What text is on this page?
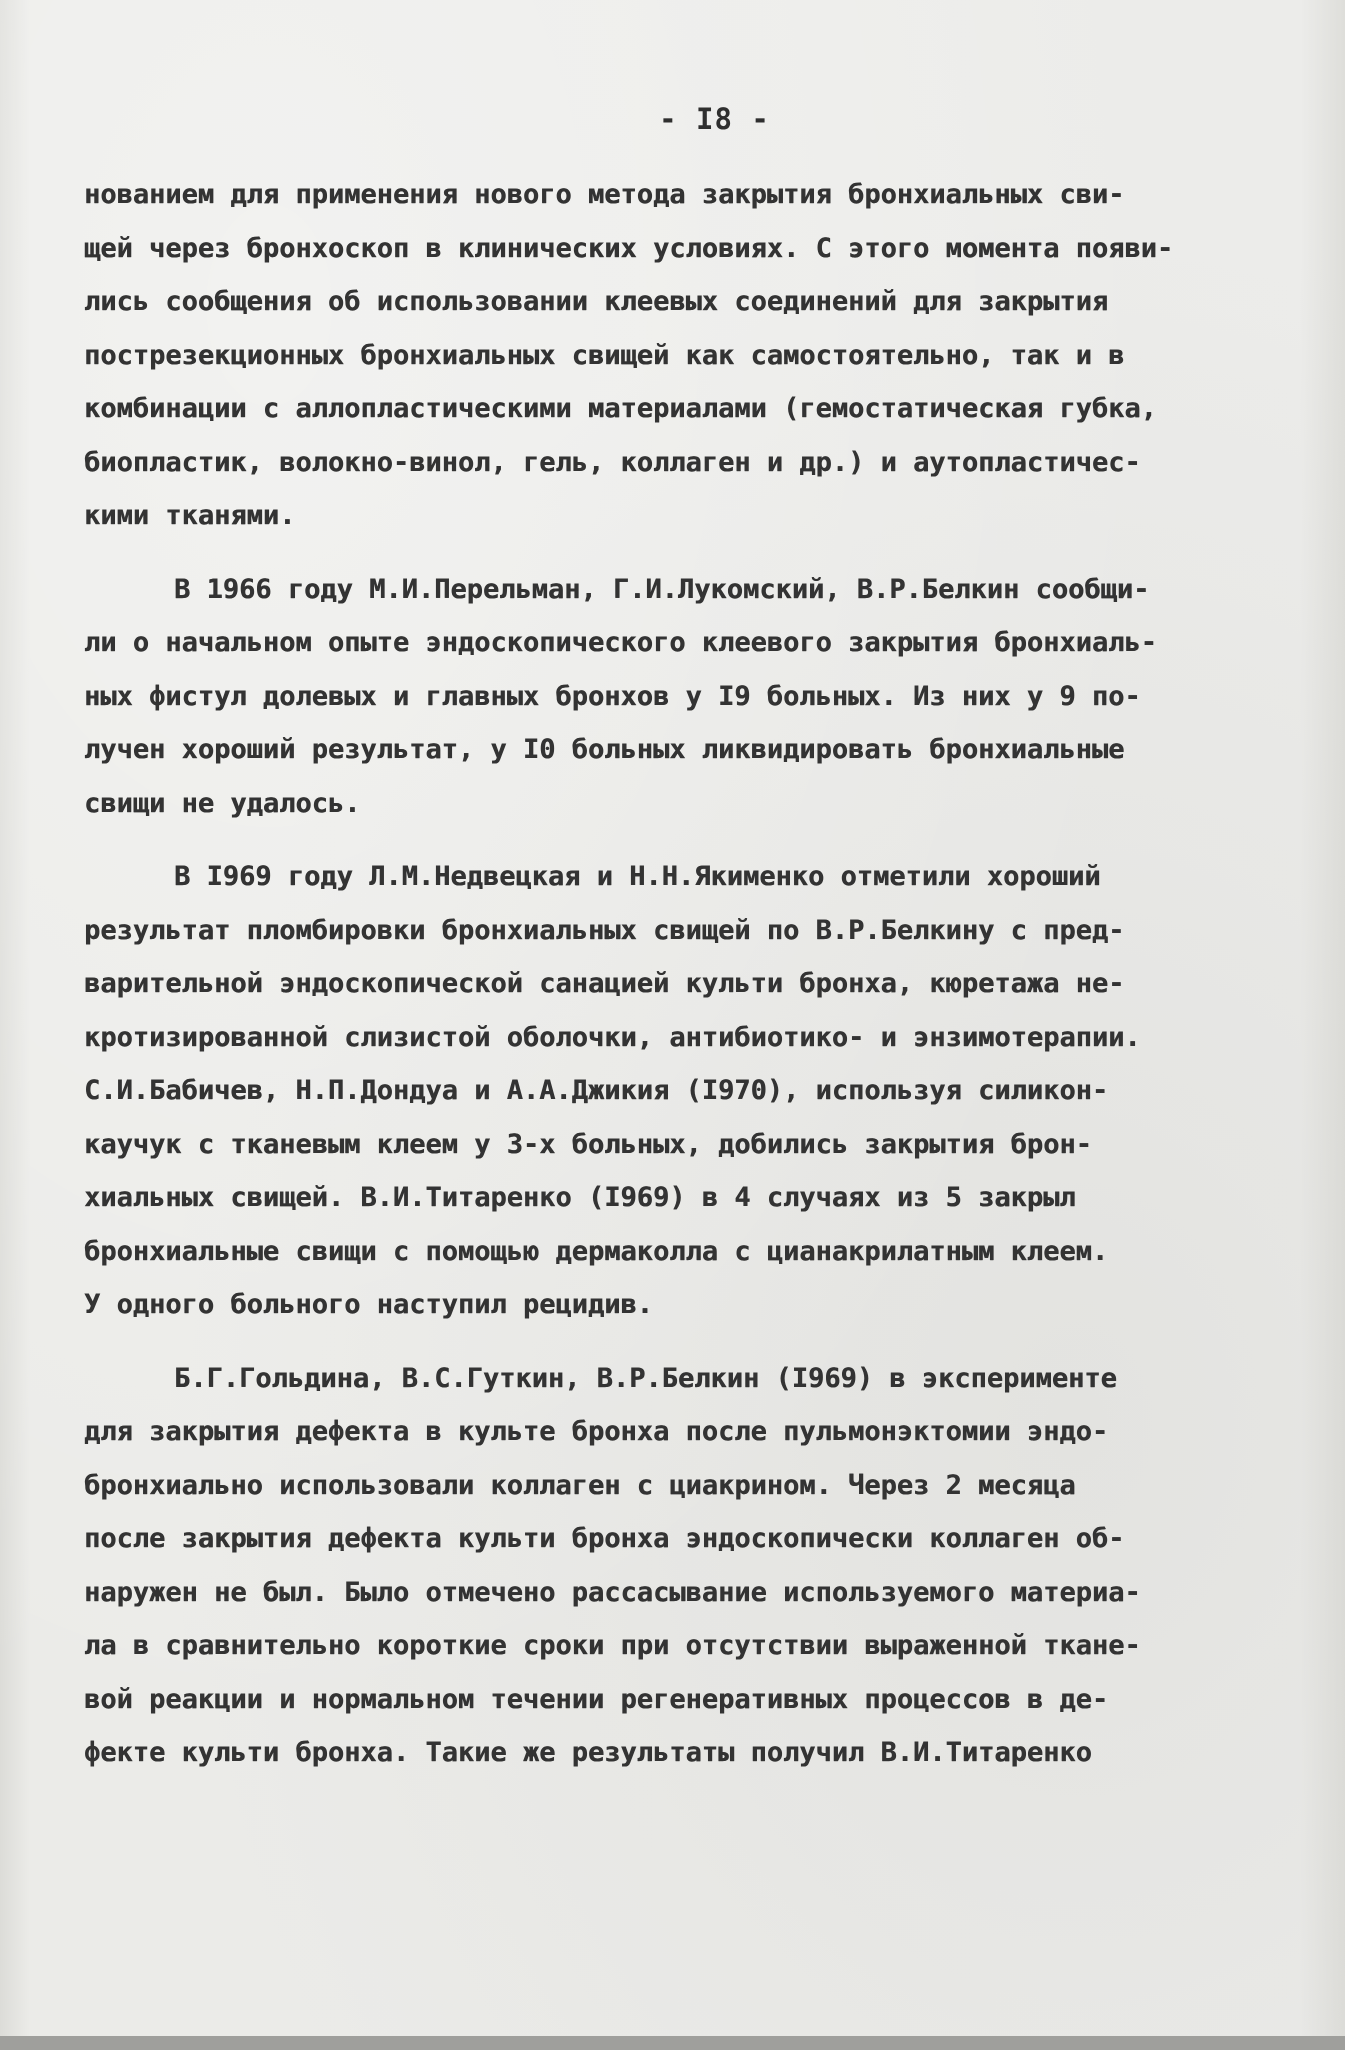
- I8 -
нованием для применения нового метода закрытия бронхиальных сви-
щей через бронхоскоп в клинических условиях. С этого момента появи-
лись сообщения об использовании клеевых соединений для закрытия
пострезекционных бронхиальных свищей как самостоятельно, так и в
комбинации с аллопластическими материалами (гемостатическая губка,
биопластик, волокно-винол, гель, коллаген и др.) и аутопластичес-
кими тканями.
В 1966 году М.И.Перельман, Г.И.Лукомский, В.Р.Белкин сообщи-
ли о начальном опыте эндоскопического клеевого закрытия бронхиаль-
ных фистул долевых и главных бронхов у I9 больных. Из них у 9 по-
лучен хороший результат, у I0 больных ликвидировать бронхиальные
свищи не удалось.
В I969 году Л.М.Недвецкая и Н.Н.Якименко отметили хороший
результат пломбировки бронхиальных свищей по В.Р.Белкину с пред-
варительной эндоскопической санацией культи бронха, кюретажа не-
кротизированной слизистой оболочки, антибиотико- и энзимотерапии.
С.И.Бабичев, Н.П.Дондуа и А.А.Джикия (I970), используя силикон-
каучук с тканевым клеем у 3-х больных, добились закрытия брон-
хиальных свищей. В.И.Титаренко (I969) в 4 случаях из 5 закрыл
бронхиальные свищи с помощью дермаколла с цианакрилатным клеем.
У одного больного наступил рецидив.
Б.Г.Гольдина, В.С.Гуткин, В.Р.Белкин (I969) в эксперименте
для закрытия дефекта в культе бронха после пульмонэктомии эндо-
бронхиально использовали коллаген с циакрином. Через 2 месяца
после закрытия дефекта культи бронха эндоскопически коллаген об-
наружен не был. Было отмечено рассасывание используемого материа-
ла в сравнительно короткие сроки при отсутствии выраженной ткане-
вой реакции и нормальном течении регенеративных процессов в де-
фекте культи бронха. Такие же результаты получил В.И.Титаренко
